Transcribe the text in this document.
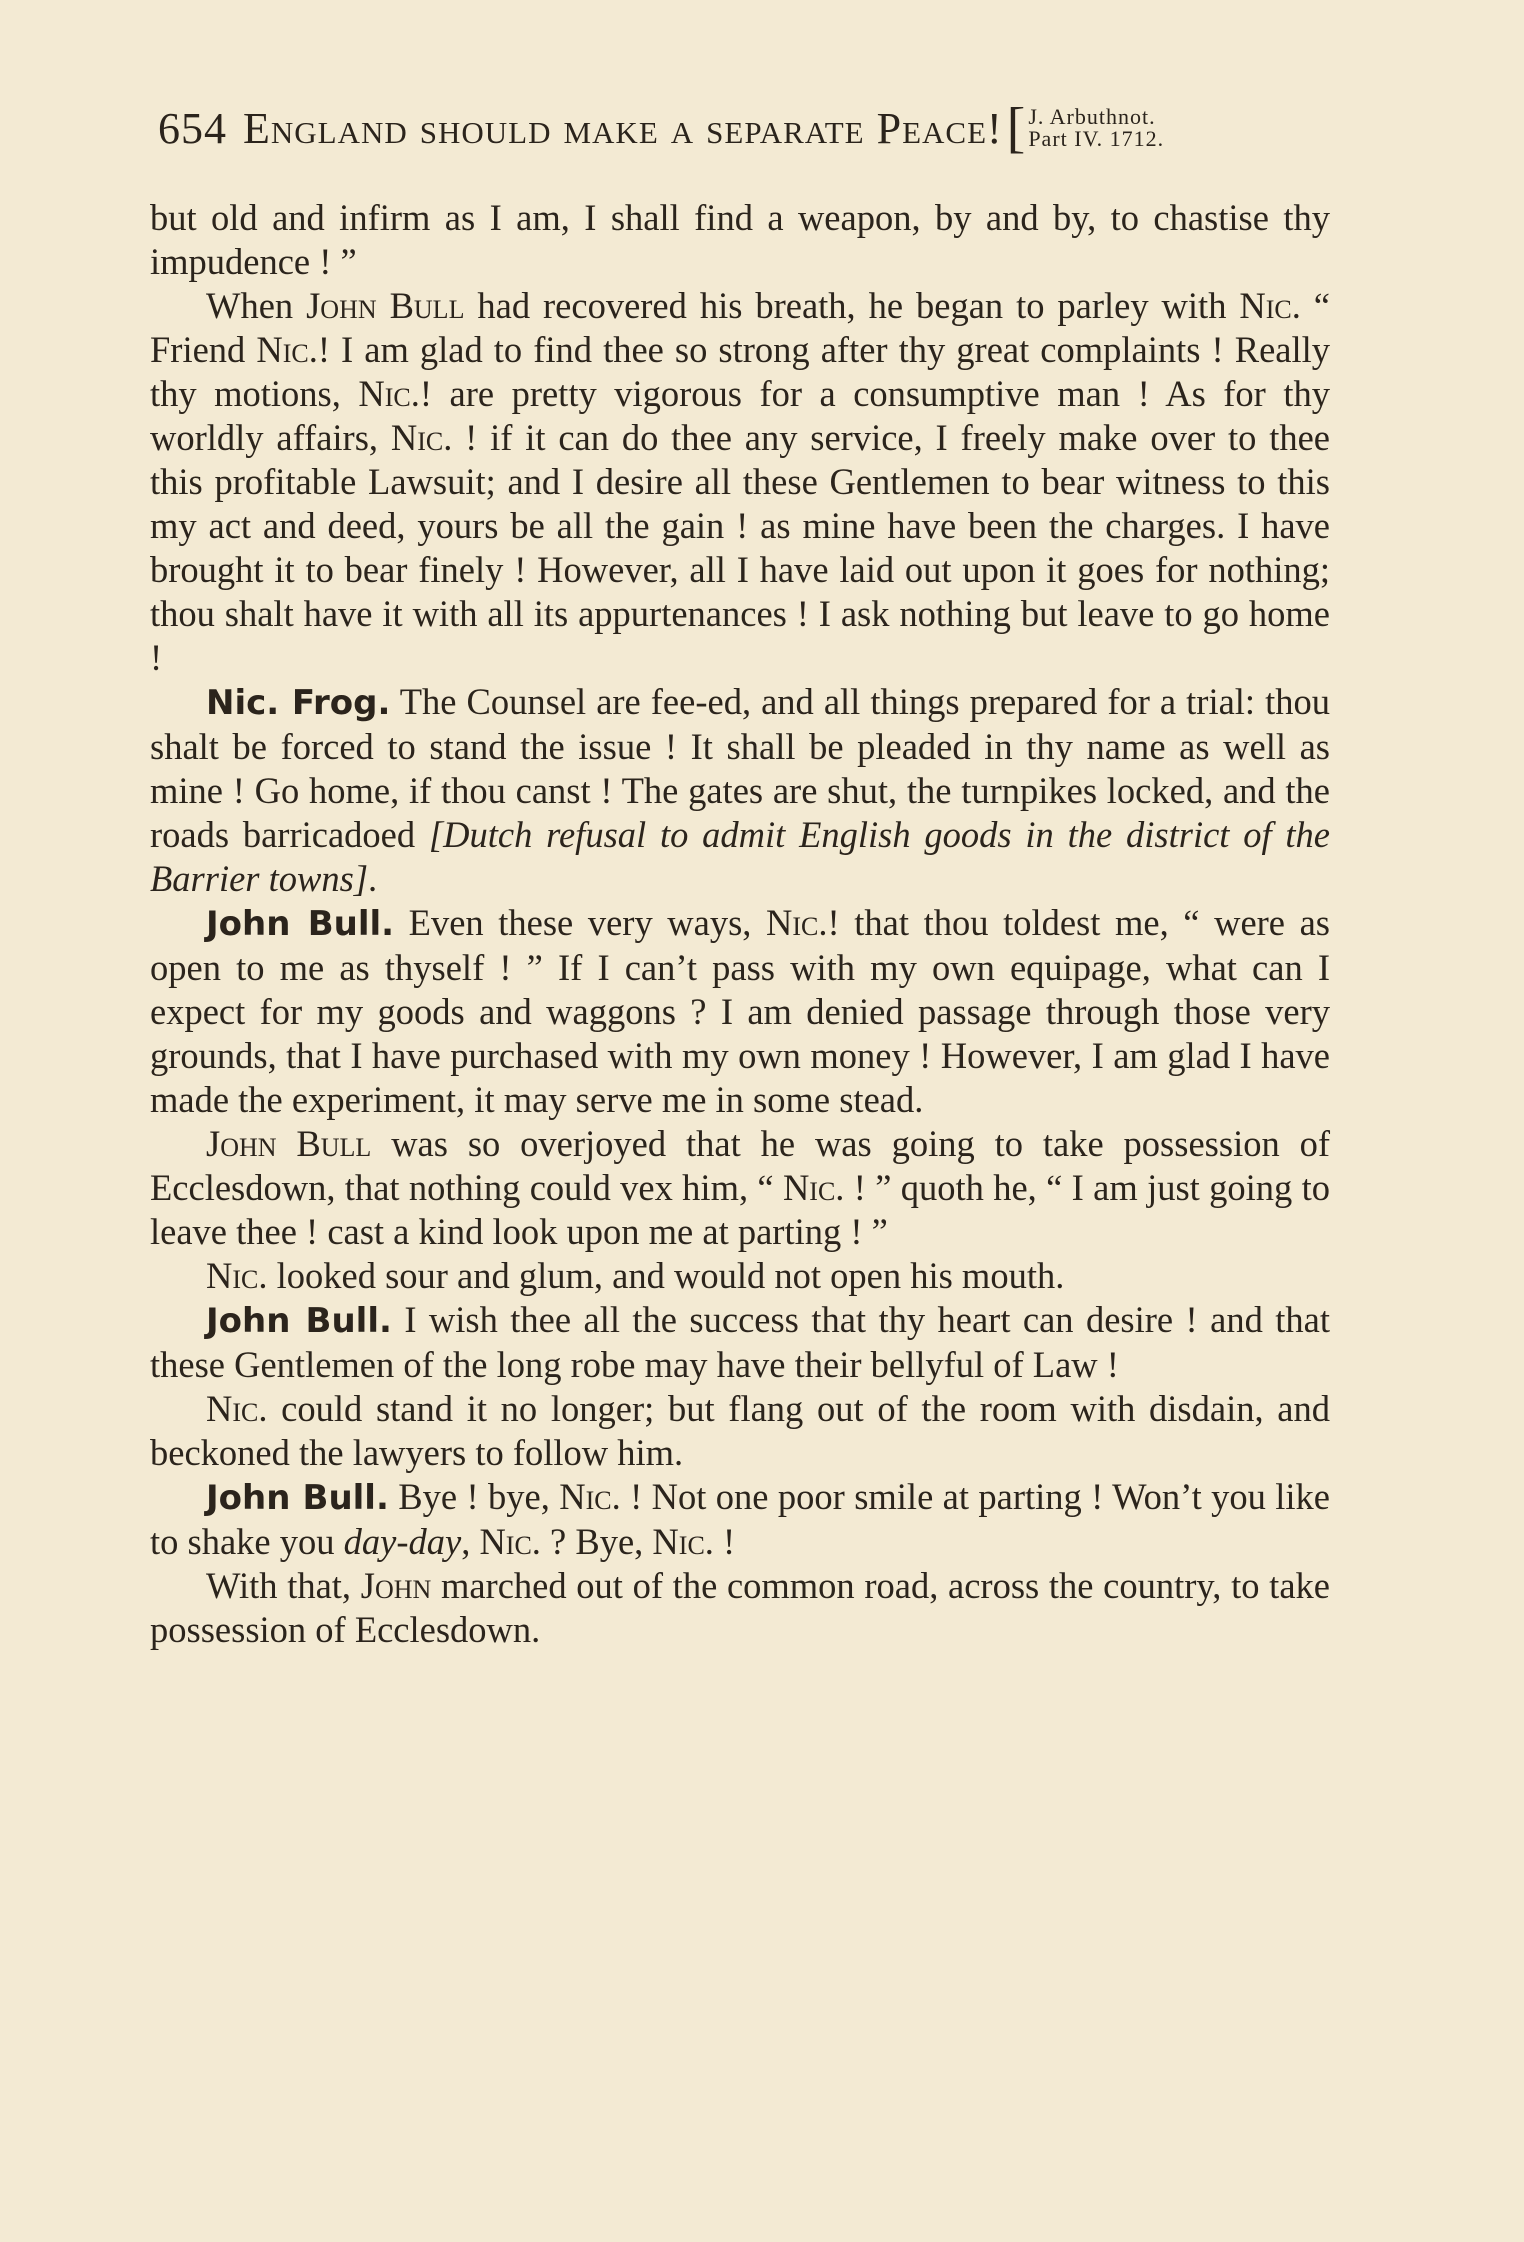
654 England should make a separate Peace! [ J. Arbuthnot.
Part IV. 1712.

but old and infirm as I am, I shall find a weapon, by and by, to chastise thy impudence ! ”

When John Bull had recovered his breath, he began to parley with Nic. “ Friend Nic.! I am glad to find thee so strong after thy great complaints ! Really thy motions, Nic.! are pretty vigorous for a consumptive man ! As for thy worldly affairs, Nic. ! if it can do thee any service, I freely make over to thee this profitable Lawsuit; and I desire all these Gentlemen to bear witness to this my act and deed, yours be all the gain ! as mine have been the charges. I have brought it to bear finely ! However, all I have laid out upon it goes for nothing; thou shalt have it with all its appurtenances ! I ask nothing but leave to go home !

Nic. Frog. The Counsel are fee-ed, and all things prepared for a trial: thou shalt be forced to stand the issue ! It shall be pleaded in thy name as well as mine ! Go home, if thou canst ! The gates are shut, the turnpikes locked, and the roads barricadoed [Dutch refusal to admit English goods in the district of the Barrier towns].

John Bull. Even these very ways, Nic.! that thou toldest me, “ were as open to me as thyself ! ” If I can’t pass with my own equipage, what can I expect for my goods and waggons ? I am denied passage through those very grounds, that I have purchased with my own money ! However, I am glad I have made the experiment, it may serve me in some stead.

John Bull was so overjoyed that he was going to take possession of Ecclesdown, that nothing could vex him, “ Nic. ! ” quoth he, “ I am just going to leave thee ! cast a kind look upon me at parting ! ”

Nic. looked sour and glum, and would not open his mouth.

John Bull. I wish thee all the success that thy heart can desire ! and that these Gentlemen of the long robe may have their bellyful of Law !

Nic. could stand it no longer; but flang out of the room with disdain, and beckoned the lawyers to follow him.

John Bull. Bye ! bye, Nic. ! Not one poor smile at parting ! Won’t you like to shake you day-day, Nic. ? Bye, Nic. !

With that, John marched out of the common road, across the country, to take possession of Ecclesdown.
